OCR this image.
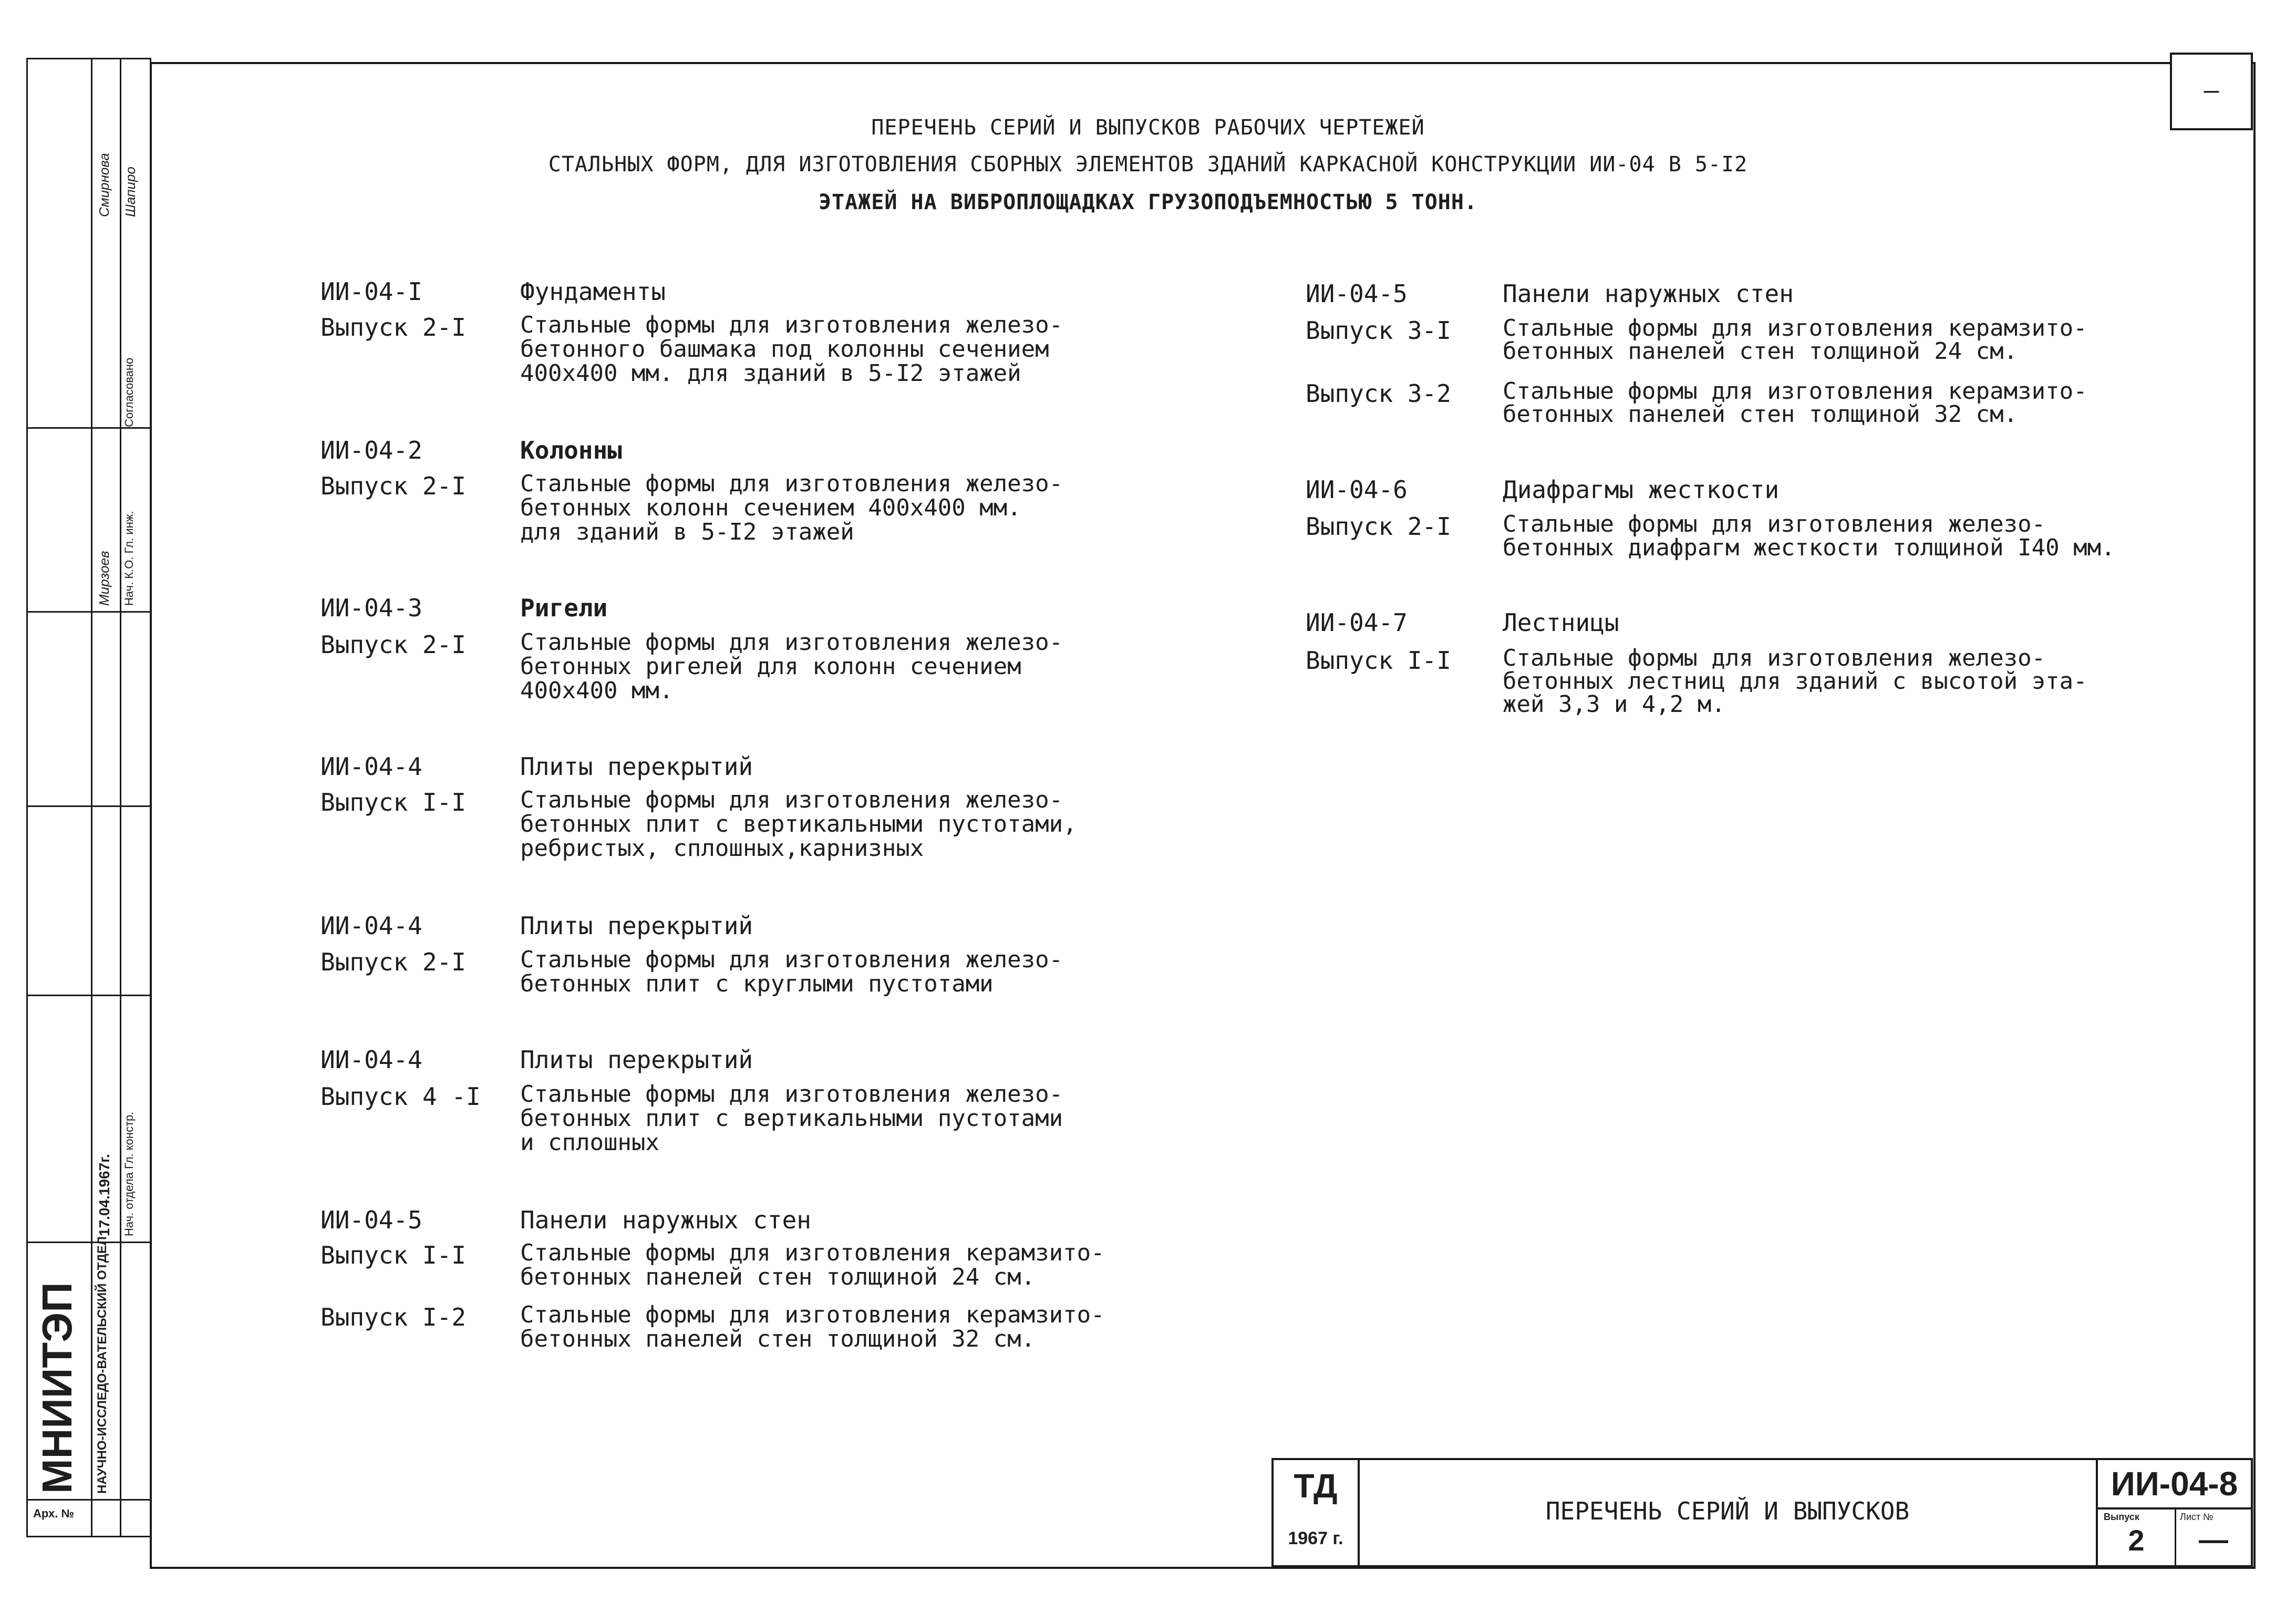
—
ПЕРЕЧЕНЬ СЕРИЙ И ВЫПУСКОВ РАБОЧИХ ЧЕРТЕЖЕЙ
СТАЛЬНЫХ ФОРМ, ДЛЯ ИЗГОТОВЛЕНИЯ СБОРНЫХ ЭЛЕМЕНТОВ ЗДАНИЙ КАРКАСНОЙ КОНСТРУКЦИИ ИИ-04 В 5-I2
ЭТАЖЕЙ НА ВИБРОПЛОЩАДКАХ ГРУЗОПОДЪЕМНОСТЬЮ 5 ТОНН.
ИИ-04-I	Фундаменты
Выпуск 2-I Стальные формы для изготовления железо-
бетонного башмака под колонны сечением
400x400 мм. для зданий в 5-I2 этажей
ИИ-04-2	Колонны
Выпуск 2-I Стальные формы для изготовления железо-
бетонных колонн сечением 400x400 мм.
для зданий в 5-I2 этажей
ИИ-04-3	Ригели
Выпуск 2-I Стальные формы для изготовления железо-
бетонных ригелей для колонн сечением
400x400 мм.
ИИ-04-4	Плиты перекрытий
Выпуск I-I Стальные формы для изготовления железо-
бетонных плит с вертикальными пустотами,
ребристых, сплошных,карнизных
ИИ-04-4	Плиты перекрытий
Выпуск 2-I Стальные формы для изготовления железо-
бетонных плит с круглыми пустотами
ИИ-04-4	Плиты перекрытий
Выпуск 4 -I Стальные формы для изготовления железо-
бетонных плит с вертикальными пустотами
и сплошных
ИИ-04-5	Панели наружных стен
Выпуск I-I Стальные формы для изготовления керамзито-
бетонных панелей стен толщиной 24 см.
Выпуск I-2 Стальные формы для изготовления керамзито-
бетонных панелей стен толщиной 32 см.
ИИ-04-5	Панели наружных стен
Выпуск 3-I Стальные формы для изготовления керамзито-
бетонных панелей стен толщиной 24 см.
Выпуск 3-2 Стальные формы для изготовления керамзито-
бетонных панелей стен толщиной 32 см.
ИИ-04-6	Диафрагмы жесткости
Выпуск 2-I Стальные формы для изготовления железо-
бетонных диафрагм жесткости толщиной I40 мм.
ИИ-04-7	Лестницы
Выпуск I-I Стальные формы для изготовления железо-
бетонных лестниц для зданий с высотой эта-
жей 3,3 и 4,2 м.
ТД
1967 г.
ПЕРЕЧЕНЬ СЕРИЙ И ВЫПУСКОВ
ИИ-04-8
Выпуск	Лист №
2	—
МНИИТЭП НАУЧНО-ИССЛЕДО-ВАТЕЛЬСКИЙ ОТДЕЛ
17.04.1967г. Нач. отдела Гл. констр.
Нач. К.О. Гл. инж.
Согласовано
Смирнова Шапиро
Мирзоев
Арх. №
